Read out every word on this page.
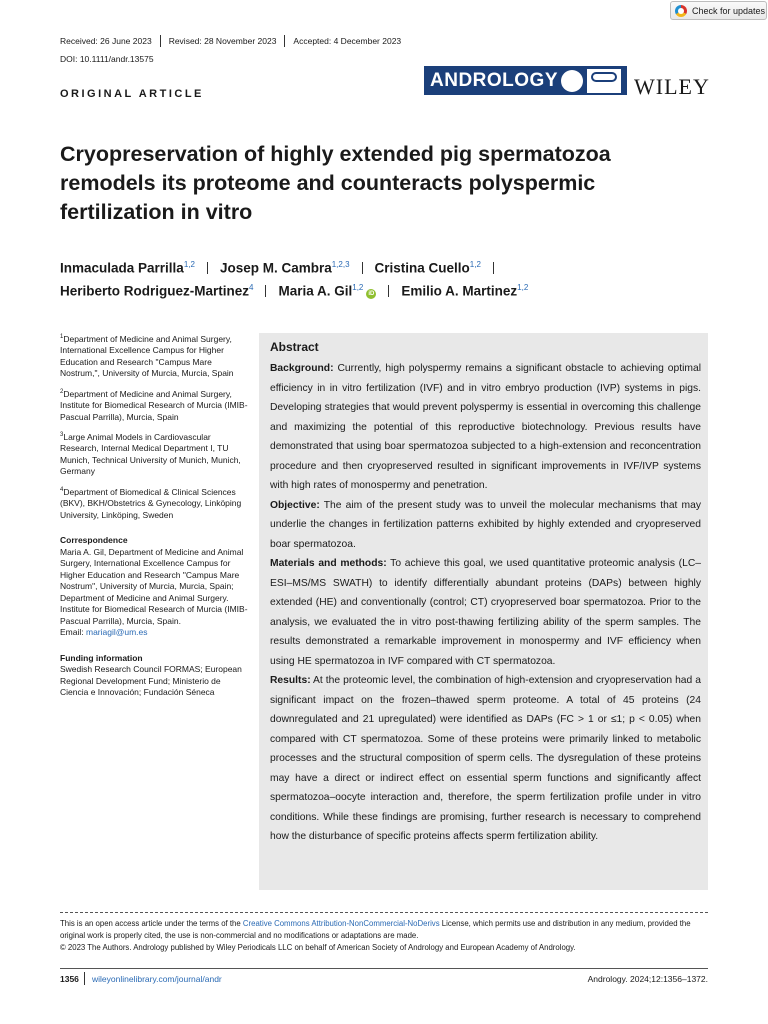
Check for updates
Received: 26 June 2023	Revised: 28 November 2023	Accepted: 4 December 2023
DOI: 10.1111/andr.13575
ORIGINAL ARTICLE
ANDROLOGY	WILEY
Cryopreservation of highly extended pig spermatozoa remodels its proteome and counteracts polyspermic fertilization in vitro
Inmaculada Parrilla$^{1,2}$ Josep M. Cambra$^{1,2,3}$ Cristina Cuello$^{1,2}$
Heriberto Rodriguez-Martinez$^4$ Maria A. Gil$^{1,2}$iD Emilio A. Martinez$^{1,2}$

$^1$Department of Medicine and Animal Surgery, International Excellence Campus for Higher Education and Research "Campus Mare Nostrum,", University of Murcia, Murcia, Spain

$^2$Department of Medicine and Animal Surgery, Institute for Biomedical Research of Murcia (IMIB-Pascual Parrilla), Murcia, Spain

$^3$Large Animal Models in Cardiovascular Research, Internal Medical Department I, TU Munich, Technical University of Munich, Munich, Germany

$^4$Department of Biomedical & Clinical Sciences (BKV), BKH/Obstetrics & Gynecology, Linköping University, Linköping, Sweden

Correspondence

Maria A. Gil, Department of Medicine and Animal Surgery, International Excellence Campus for Higher Education and Research "Campus Mare Nostrum", University of Murcia, Murcia, Spain; Department of Medicine and Animal Surgery. Institute for Biomedical Research of Murcia (IMIB-Pascual Parrilla), Murcia, Spain.

Email: mariagil@um.es

Funding information

Swedish Research Council FORMAS; European Regional Development Fund; Ministerio de Ciencia e Innovación; Fundación Séneca

Abstract

Background: Currently, high polyspermy remains a significant obstacle to achieving optimal efficiency in in vitro fertilization (IVF) and in vitro embryo production (IVP) systems in pigs. Developing strategies that would prevent polyspermy is essential in overcoming this challenge and maximizing the potential of this reproductive biotechnology. Previous results have demonstrated that using boar spermatozoa subjected to a high-extension and reconcentration procedure and then cryopreserved resulted in significant improvements in IVF/IVP systems with high rates of monospermy and penetration.

Objective: The aim of the present study was to unveil the molecular mechanisms that may underlie the changes in fertilization patterns exhibited by highly extended and cryopreserved boar spermatozoa.

Materials and methods: To achieve this goal, we used quantitative proteomic analysis (LC–ESI–MS/MS SWATH) to identify differentially abundant proteins (DAPs) between highly extended (HE) and conventionally (control; CT) cryopreserved boar spermatozoa. Prior to the analysis, we evaluated the in vitro post-thawing fertilizing ability of the sperm samples. The results demonstrated a remarkable improvement in monospermy and IVF efficiency when using HE spermatozoa in IVF compared with CT spermatozoa.

Results: At the proteomic level, the combination of high-extension and cryopreservation had a significant impact on the frozen–thawed sperm proteome. A total of 45 proteins (24 downregulated and 21 upregulated) were identified as DAPs (FC > 1 or ≤1; p < 0.05) when compared with CT spermatozoa. Some of these proteins were primarily linked to metabolic processes and the structural composition of sperm cells. The dysregulation of these proteins may have a direct or indirect effect on essential sperm functions and significantly affect spermatozoa–oocyte interaction and, therefore, the sperm fertilization profile under in vitro conditions. While these findings are promising, further research is necessary to comprehend how the disturbance of specific proteins affects sperm fertilization ability.

This is an open access article under the terms of the Creative Commons Attribution-NonCommercial-NoDerivs License, which permits use and distribution in any medium, provided the original work is properly cited, the use is non-commercial and no modifications or adaptations are made.
© 2023 The Authors. Andrology published by Wiley Periodicals LLC on behalf of American Society of Andrology and European Academy of Andrology.
1356 wileyonlinelibrary.com/journal/andr	Andrology. 2024;12:1356–1372.
